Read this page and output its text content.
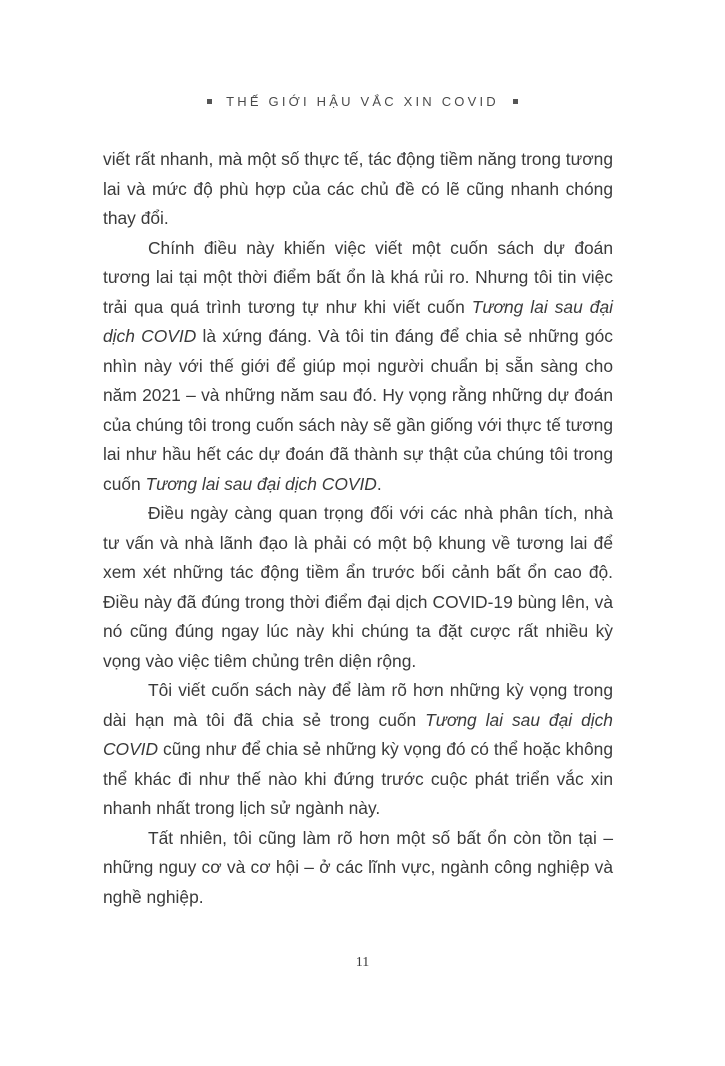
THẾ GIỚI HẬU VẮC XIN COVID

viết rất nhanh, mà một số thực tế, tác động tiềm năng trong tương lai và mức độ phù hợp của các chủ đề có lẽ cũng nhanh chóng thay đổi.

Chính điều này khiến việc viết một cuốn sách dự đoán tương lai tại một thời điểm bất ổn là khá rủi ro. Nhưng tôi tin việc trải qua quá trình tương tự như khi viết cuốn Tương lai sau đại dịch COVID là xứng đáng. Và tôi tin đáng để chia sẻ những góc nhìn này với thế giới để giúp mọi người chuẩn bị sẵn sàng cho năm 2021 – và những năm sau đó. Hy vọng rằng những dự đoán của chúng tôi trong cuốn sách này sẽ gần giống với thực tế tương lai như hầu hết các dự đoán đã thành sự thật của chúng tôi trong cuốn Tương lai sau đại dịch COVID.

Điều ngày càng quan trọng đối với các nhà phân tích, nhà tư vấn và nhà lãnh đạo là phải có một bộ khung về tương lai để xem xét những tác động tiềm ẩn trước bối cảnh bất ổn cao độ. Điều này đã đúng trong thời điểm đại dịch COVID-19 bùng lên, và nó cũng đúng ngay lúc này khi chúng ta đặt cược rất nhiều kỳ vọng vào việc tiêm chủng trên diện rộng.

Tôi viết cuốn sách này để làm rõ hơn những kỳ vọng trong dài hạn mà tôi đã chia sẻ trong cuốn Tương lai sau đại dịch COVID cũng như để chia sẻ những kỳ vọng đó có thể hoặc không thể khác đi như thế nào khi đứng trước cuộc phát triển vắc xin nhanh nhất trong lịch sử ngành này.

Tất nhiên, tôi cũng làm rõ hơn một số bất ổn còn tồn tại – những nguy cơ và cơ hội – ở các lĩnh vực, ngành công nghiệp và nghề nghiệp.

11
